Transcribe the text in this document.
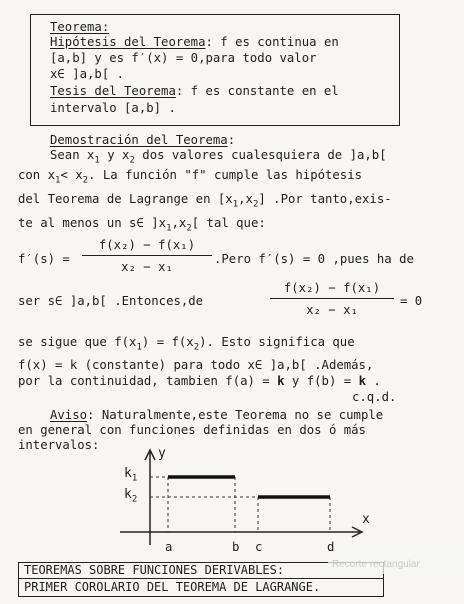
Teorema:
Hipótesis del Teorema: f es continua en
[a,b] y es f′(x) = 0,para todo valor
x∈ ]a,b[ .
Tesis del Teorema: f es constante en el
intervalo [a,b] .
Demostración del Teorema:
Sean $x_1$ y $x_2$ dos valores cualesquiera de ]a,b[
con $x_1< x_2$. La función "f" cumple las hipótesis
del Teorema de Lagrange en $[x_1,x_2]$ .Por tanto,exis-
te al menos un s∈ ]$x_1,x_2$[ tal que:
$f'(s) = \frac{\text{f(x₂) − f(x₁)}}{\text{x₂ − x₁}}$ .Pero f′(s) = 0 ,pues ha de
ser s∈ ]a,b[ .Entonces,de	$\frac{\text{f(x₂) − f(x₁)}}{\text{x₂ − x₁}} = 0$
se sigue que $f(x_1) = f(x_2)$. Esto significa que
f(x) = k (constante) para todo x∈ ]a,b[ .Además,
por la continuidad, tambien f(a) = k y f(b) = k .
c.q.d.
Aviso: Naturalmente,este Teorema no se cumple
en general con funciones definidas en dos ó más
intervalos:
y
x
$k_1$
$k_2$
a	b c	d
TEOREMAS SOBRE FUNCIONES DERIVABLES:
PRIMER COROLARIO DEL TEOREMA DE LAGRANGE.
Recorte rectangular
